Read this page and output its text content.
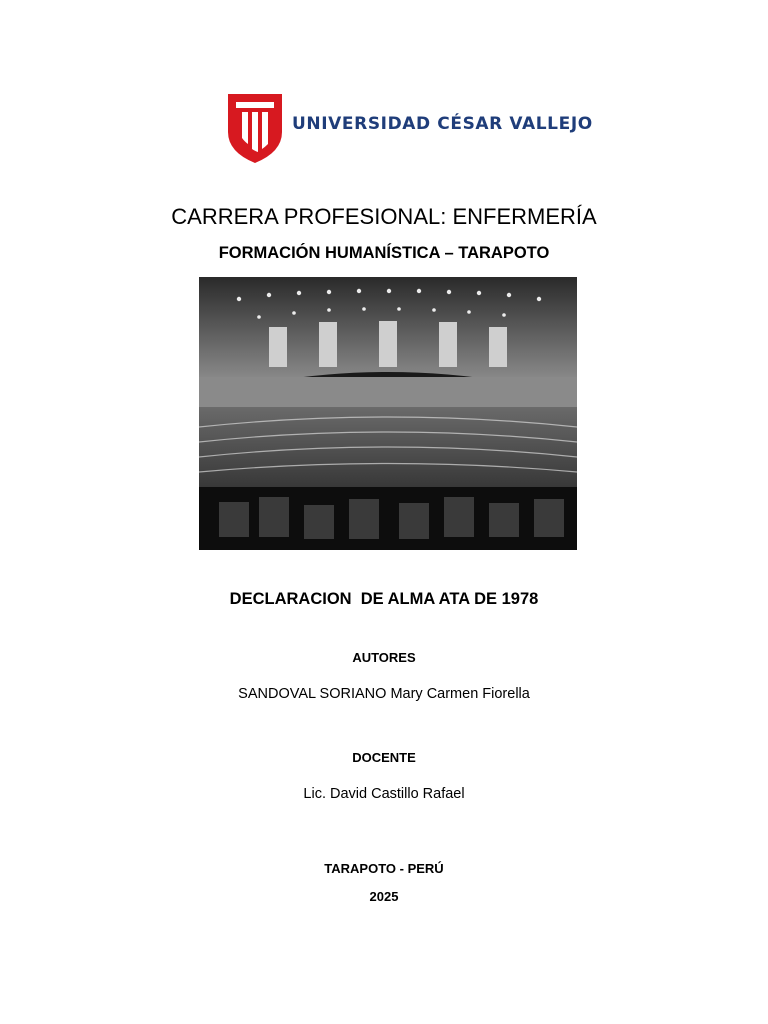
UNIVERSIDAD CÉSAR VALLEJO
CARRERA PROFESIONAL: ENFERMERÍA
FORMACIÓN HUMANÍSTICA – TARAPOTO
DECLARACION  DE ALMA ATA DE 1978
AUTORES
SANDOVAL SORIANO Mary Carmen Fiorella
DOCENTE
Lic. David Castillo Rafael
TARAPOTO - PERÚ
2025
